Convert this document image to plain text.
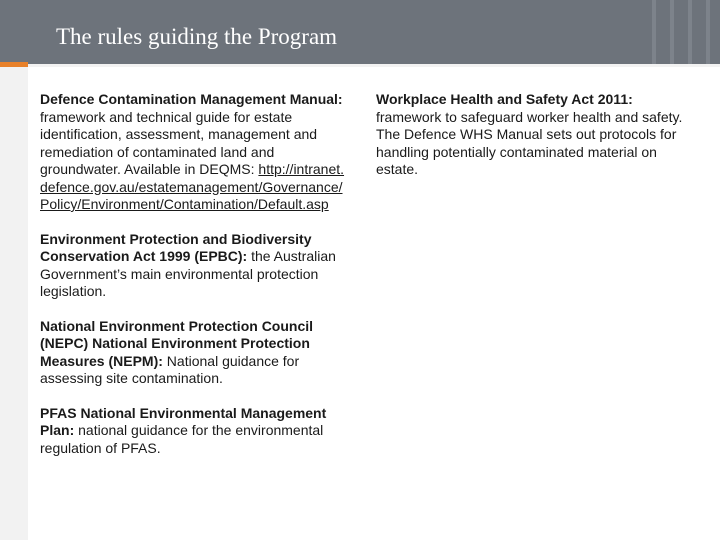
The rules guiding the Program
Defence Contamination Management Manual: framework and technical guide for estate identification, assessment, management and remediation of contaminated land and groundwater. Available in DEQMS: http://intranet.defence.gov.au/estatemanagement/Governance/Policy/Environment/Contamination/Default.asp
Environment Protection and Biodiversity Conservation Act 1999 (EPBC): the Australian Government’s main environmental protection legislation.
National Environment Protection Council (NEPC) National Environment Protection Measures (NEPM): National guidance for assessing site contamination.
PFAS National Environmental Management Plan: national guidance for the environmental regulation of PFAS.
Workplace Health and Safety Act 2011:
framework to safeguard worker health and safety. The Defence WHS Manual sets out protocols for handling potentially contaminated material on estate.
